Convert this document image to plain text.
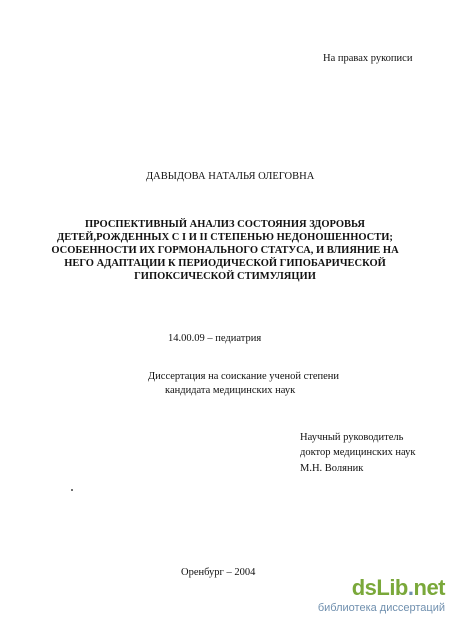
На правах рукописи
ДАВЫДОВА НАТАЛЬЯ ОЛЕГОВНА
ПРОСПЕКТИВНЫЙ АНАЛИЗ СОСТОЯНИЯ ЗДОРОВЬЯ
ДЕТЕЙ,РОЖДЕННЫХ С I И II СТЕПЕНЬЮ НЕДОНОШЕННОСТИ;
ОСОБЕННОСТИ ИХ ГОРМОНАЛЬНОГО СТАТУСА, И ВЛИЯНИЕ НА
НЕГО АДАПТАЦИИ К ПЕРИОДИЧЕСКОЙ ГИПОБАРИЧЕСКОЙ
ГИПОКСИЧЕСКОЙ СТИМУЛЯЦИИ
14.00.09 – педиатрия
Диссертация на соискание ученой степени
кандидата медицинских наук
Научный руководитель
доктор медицинских наук
М.Н. Воляник
Оренбург – 2004
dsLib.net
библиотека диссертаций
